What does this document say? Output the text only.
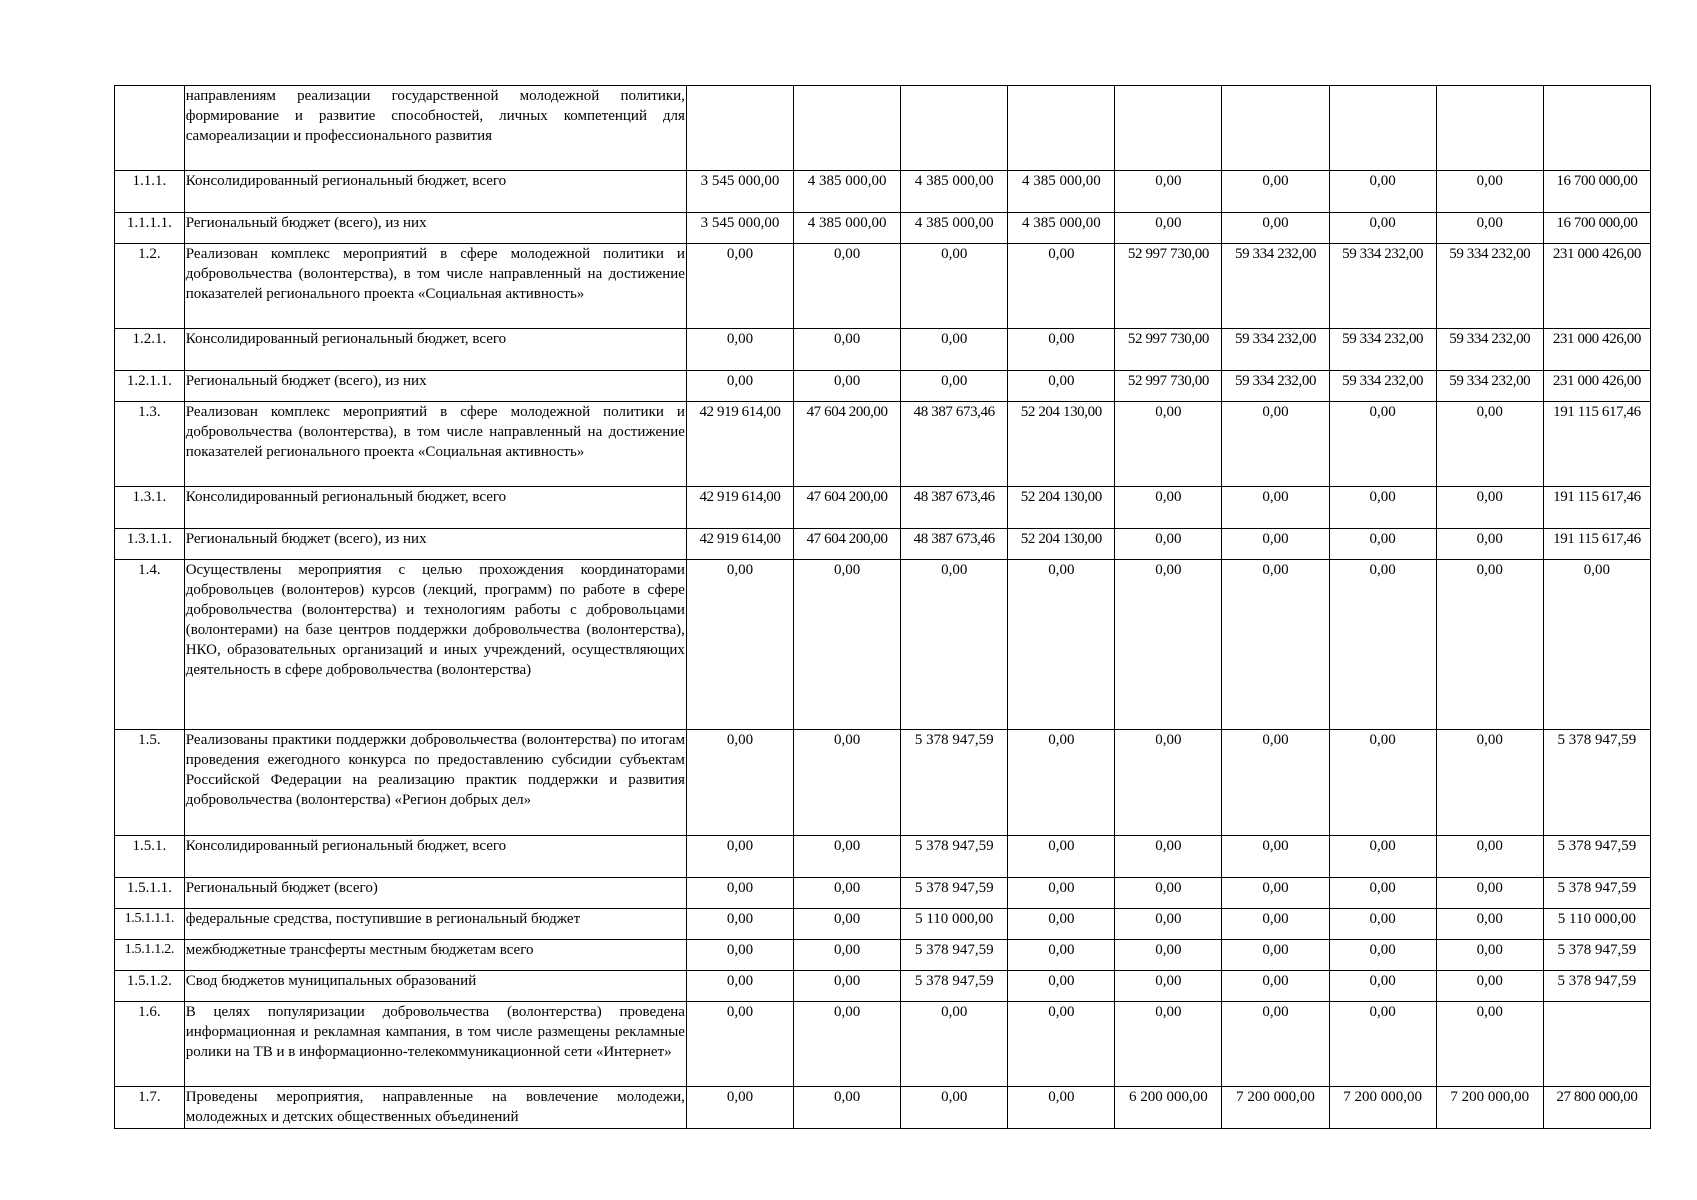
	направлениям реализации государственной молодежной политики, формирование и развитие способностей, личных компетенций для самореализации и профессионального развития									
1.1.1.	Консолидированный региональный бюджет, всего	3 545 000,00	4 385 000,00	4 385 000,00	4 385 000,00	0,00	0,00	0,00	0,00	16 700 000,00
1.1.1.1.	Региональный бюджет (всего), из них	3 545 000,00	4 385 000,00	4 385 000,00	4 385 000,00	0,00	0,00	0,00	0,00	16 700 000,00
1.2.	Реализован комплекс мероприятий в сфере молодежной политики и добровольчества (волонтерства), в том числе направленный на достижение показателей регионального проекта «Социальная активность»	0,00	0,00	0,00	0,00	52 997 730,00	59 334 232,00	59 334 232,00	59 334 232,00	231 000 426,00
1.2.1.	Консолидированный региональный бюджет, всего	0,00	0,00	0,00	0,00	52 997 730,00	59 334 232,00	59 334 232,00	59 334 232,00	231 000 426,00
1.2.1.1.	Региональный бюджет (всего), из них	0,00	0,00	0,00	0,00	52 997 730,00	59 334 232,00	59 334 232,00	59 334 232,00	231 000 426,00
1.3.	Реализован комплекс мероприятий в сфере молодежной политики и добровольчества (волонтерства), в том числе направленный на достижение показателей регионального проекта «Социальная активность»	42 919 614,00	47 604 200,00	48 387 673,46	52 204 130,00	0,00	0,00	0,00	0,00	191 115 617,46
1.3.1.	Консолидированный региональный бюджет, всего	42 919 614,00	47 604 200,00	48 387 673,46	52 204 130,00	0,00	0,00	0,00	0,00	191 115 617,46
1.3.1.1.	Региональный бюджет (всего), из них	42 919 614,00	47 604 200,00	48 387 673,46	52 204 130,00	0,00	0,00	0,00	0,00	191 115 617,46
1.4.	Осуществлены мероприятия с целью прохождения координаторами добровольцев (волонтеров) курсов (лекций, программ) по работе в сфере добровольчества (волонтерства) и технологиям работы с добровольцами (волонтерами) на базе центров поддержки добровольчества (волонтерства), НКО, образовательных организаций и иных учреждений, осуществляющих деятельность в сфере добровольчества (волонтерства)	0,00	0,00	0,00	0,00	0,00	0,00	0,00	0,00	0,00
1.5.	Реализованы практики поддержки добровольчества (волонтерства) по итогам проведения ежегодного конкурса по предоставлению субсидии субъектам Российской Федерации на реализацию практик поддержки и развития добровольчества (волонтерства) «Регион добрых дел»	0,00	0,00	5 378 947,59	0,00	0,00	0,00	0,00	0,00	5 378 947,59
1.5.1.	Консолидированный региональный бюджет, всего	0,00	0,00	5 378 947,59	0,00	0,00	0,00	0,00	0,00	5 378 947,59
1.5.1.1.	Региональный бюджет (всего)	0,00	0,00	5 378 947,59	0,00	0,00	0,00	0,00	0,00	5 378 947,59
1.5.1.1.1.	федеральные средства, поступившие в региональный бюджет	0,00	0,00	5 110 000,00	0,00	0,00	0,00	0,00	0,00	5 110 000,00
1.5.1.1.2.	межбюджетные трансферты местным бюджетам всего	0,00	0,00	5 378 947,59	0,00	0,00	0,00	0,00	0,00	5 378 947,59
1.5.1.2.	Свод бюджетов муниципальных образований	0,00	0,00	5 378 947,59	0,00	0,00	0,00	0,00	0,00	5 378 947,59
1.6.	В целях популяризации добровольчества (волонтерства) проведена информационная и рекламная кампания, в том числе размещены рекламные ролики на ТВ и в информационно-телекоммуникационной сети «Интернет»	0,00	0,00	0,00	0,00	0,00	0,00	0,00	0,00	
1.7.	Проведены мероприятия, направленные на вовлечение молодежи, молодежных и детских общественных объединений	0,00	0,00	0,00	0,00	6 200 000,00	7 200 000,00	7 200 000,00	7 200 000,00	27 800 000,00
